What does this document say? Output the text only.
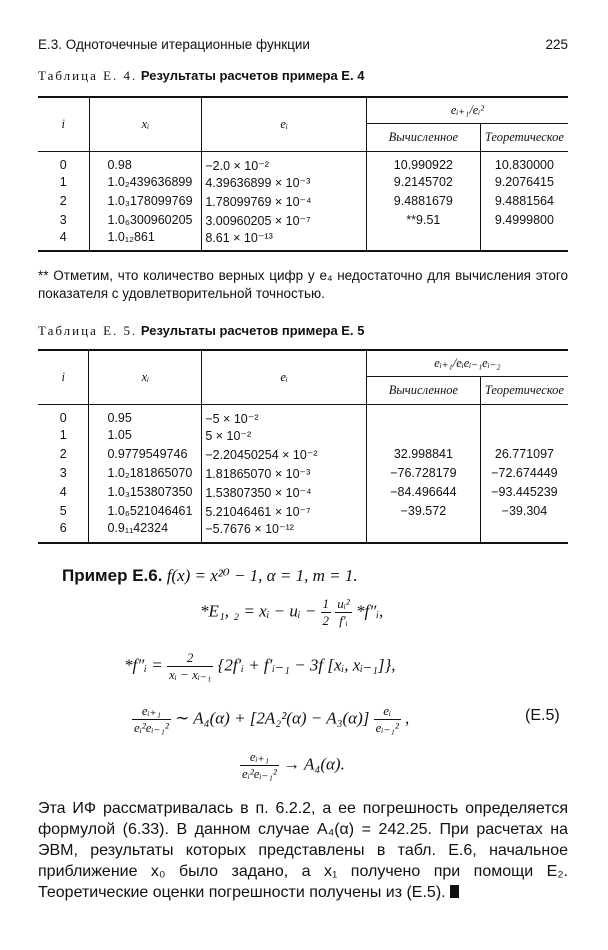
Е.3. Одноточечные итерационные функции	225
Таблица Е. 4. Результаты расчетов примера Е. 4
i	xᵢ	eᵢ	eᵢ₊₁/eᵢ²	
			Вычисленное	Теоретическое
0	0.98	−2.0 × 10⁻²	10.990922	10.830000
1	1.0₂439636899	4.39636899 × 10⁻³	9.2145702	9.2076415
2	1.0₃178099769	1.78099769 × 10⁻⁴	9.4881679	9.4881564
3	1.0₆300960205	3.00960205 × 10⁻⁷	**9.51	9.4999800
4	1.0₁₂861	8.61 × 10⁻¹³		
** Отметим, что количество верных цифр у e₄ недостаточно для вычисления этого показателя с удовлетворительной точностью.
Таблица Е. 5. Результаты расчетов примера Е. 5
i	xᵢ	eᵢ	eᵢ₊₁/eᵢeᵢ₋₁eᵢ₋₂	
			Вычисленное	Теоретическое
0	0.95	−5 × 10⁻²		
1	1.05	5 × 10⁻²		
2	0.9779549746	−2.20450254 × 10⁻²	32.998841	26.771097
3	1.0₂181865070	1.81865070 × 10⁻³	−76.728179	−72.674449
4	1.0₃153807350	1.53807350 × 10⁻⁴	−84.496644	−93.445239
5	1.0₆521046461	5.21046461 × 10⁻⁷	−39.572	−39.304
6	0.9₁₁42324	−5.7676 × 10⁻¹²		
Пример Е.6. f(x) = x²⁰ − 1, α = 1, m = 1.
*E₁, ₂ = xᵢ − uᵢ − $\frac{1}{2}$
$\frac{\text{uᵢ²}}{\text{f′ᵢ}}$ *f″ᵢ,
*f″ᵢ = $\frac{2}{\text{xᵢ − xᵢ₋₁}}$ {2f′ᵢ + f′ᵢ₋₁ − 3f [xᵢ, xᵢ₋₁]},
$\frac{\text{eᵢ₊₁}}{\text{eᵢ²eᵢ₋₁²}}$ ∼ $A_4(\alpha) + [2A_2^2(\alpha) - A_3(\alpha)] \frac{\text{eᵢ}}{\text{eᵢ₋₁²}}$ ,	(Е.5)
$\frac{\text{eᵢ₊₁}}{\text{eᵢ²eᵢ₋₁²}} \to A_4(\alpha)$.

Эта ИФ рассматривалась в п. 6.2.2, а ее погрешность определяется формулой (6.33). В данном случае A₄(α) = 242.25. При расчетах на ЭВМ, результаты которых представлены в табл. Е.6, начальное приближение x₀ было задано, а x₁ получено при помощи E₂. Теоретические оценки погрешности получены из (Е.5).
